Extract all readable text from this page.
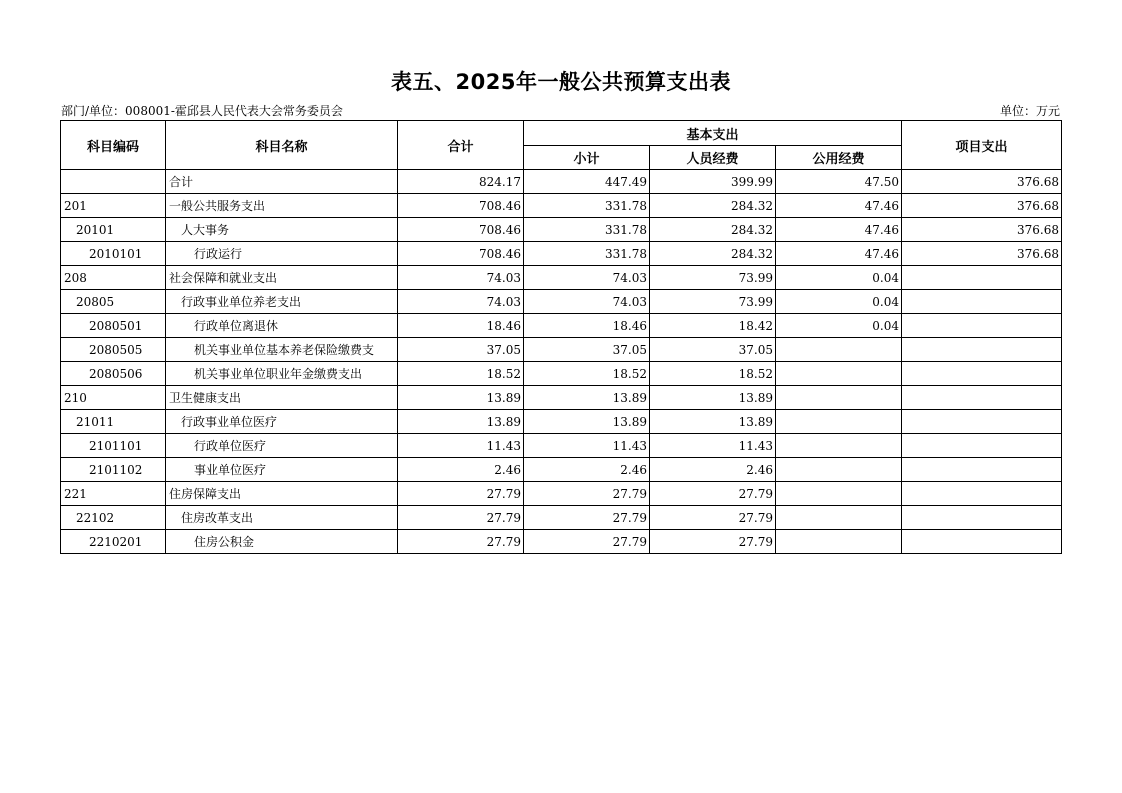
表五、2025年一般公共预算支出表
部门/单位：008001-霍邱县人民代表大会常务委员会	单位：万元
科目编码	科目名称	合计	基本支出			项目支出
			小计	人员经费	公用经费	
	合计	824.17	447.49	399.99	47.50	376.68
201	一般公共服务支出	708.46	331.78	284.32	47.46	376.68
20101	人大事务	708.46	331.78	284.32	47.46	376.68
2010101	行政运行	708.46	331.78	284.32	47.46	376.68
208	社会保障和就业支出	74.03	74.03	73.99	0.04	
20805	行政事业单位养老支出	74.03	74.03	73.99	0.04	
2080501	行政单位离退休	18.46	18.46	18.42	0.04	
2080505	机关事业单位基本养老保险缴费支	37.05	37.05	37.05		
2080506	机关事业单位职业年金缴费支出	18.52	18.52	18.52		
210	卫生健康支出	13.89	13.89	13.89		
21011	行政事业单位医疗	13.89	13.89	13.89		
2101101	行政单位医疗	11.43	11.43	11.43		
2101102	事业单位医疗	2.46	2.46	2.46		
221	住房保障支出	27.79	27.79	27.79		
22102	住房改革支出	27.79	27.79	27.79		
2210201	住房公积金	27.79	27.79	27.79		
